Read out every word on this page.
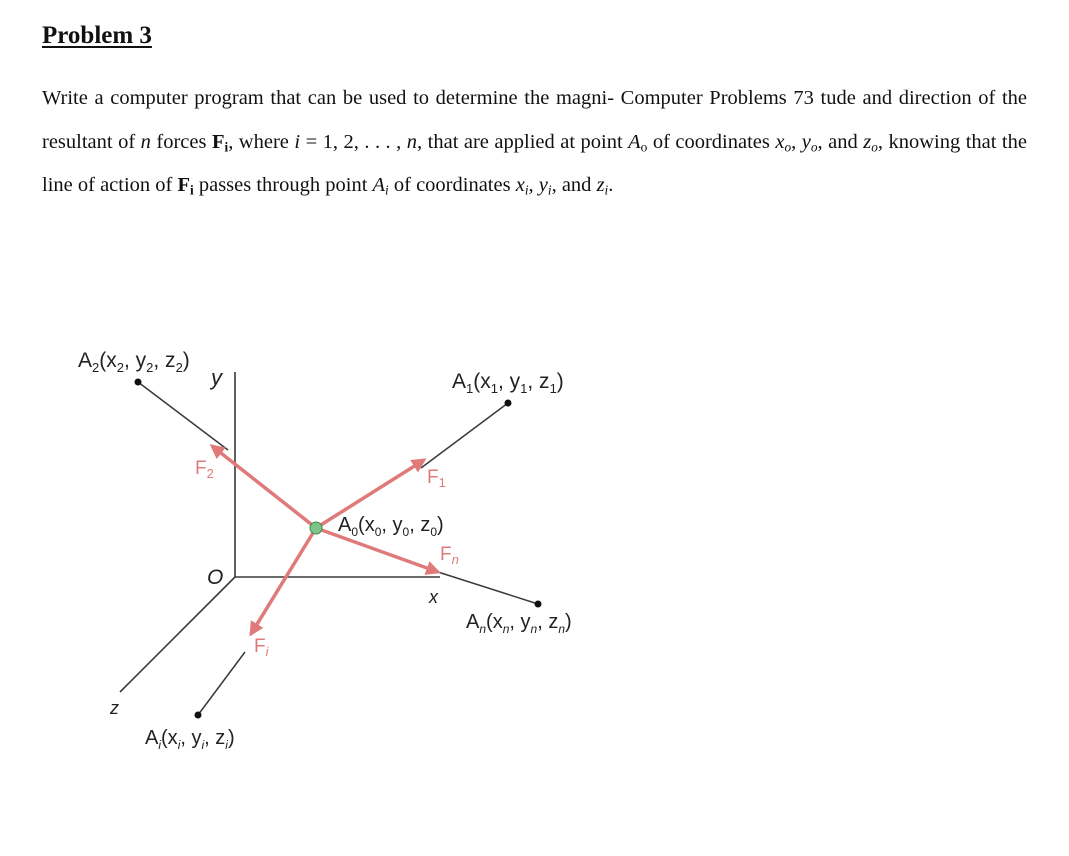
Problem 3
Write a computer program that can be used to determine the magni- Computer Problems 73 tude and direction of the resultant of n forces $F_i$, where i = 1, 2, . . . , n, that are applied at point $A_o$ of coordinates $x_o$, $y_o$, and $z_o$, knowing that the line of action of $F_i$ passes through point $A_i$ of coordinates $x_i$, $y_i$, and $z_i$.
y
x
z
O
$A_2(x_2$, $y_2$, $z_2$)
$A_1(x_1$, $y_1$, $z_1$)
$A_0(x_0$, $y_0$, $z_0$)
$A_n(x_n$, $y_n$, $z_n$)
$A_i(x_i$, $y_i$, $z_i$)
$F_2$	$F_1$
$F_n$
$F_i$
